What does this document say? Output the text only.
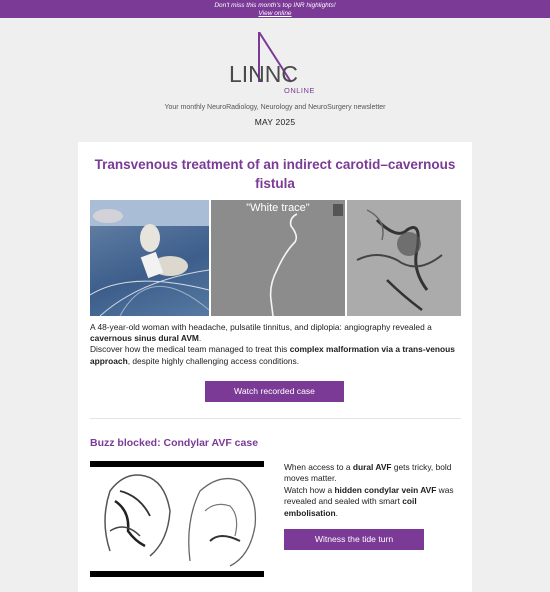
Don't miss this month's top INR highlights!
View online
LINNC
ONLINE
Your monthly NeuroRadiology, Neurology and NeuroSurgery newsletter
MAY 2025
Transvenous treatment of an indirect carotid–cavernous fistula
"White trace"
A 48-year-old woman with headache, pulsatile tinnitus, and diplopia: angiography revealed a cavernous sinus dural AVM.
Discover how the medical team managed to treat this complex malformation via a trans-venous approach, despite highly challenging access conditions.
Watch recorded case
Buzz blocked: Condylar AVF case
When access to a dural AVF gets tricky, bold moves matter.
Watch how a hidden condylar vein AVF was revealed and sealed with smart coil embolisation.
Witness the tide turn
